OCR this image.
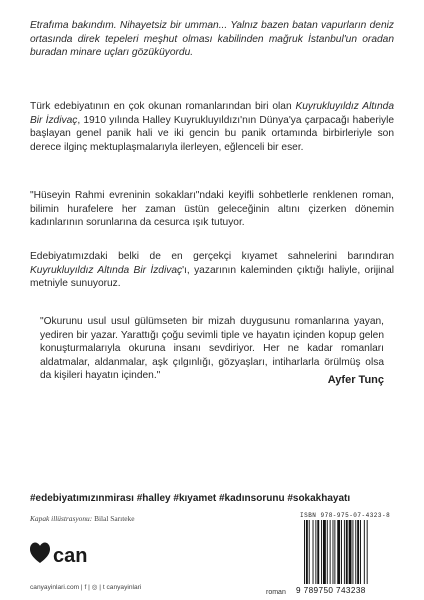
Etrafıma bakındım. Nihayetsiz bir umman... Yalnız bazen batan vapurların deniz ortasında direk tepeleri meşhut olması kabilinden mağruk İstanbul'un oradan buradan minare uçları gözüküyordu.

Türk edebiyatının en çok okunan romanlarından biri olan Kuyrukluyıldız Altında Bir İzdivaç, 1910 yılında Halley Kuyrukluyıldızı'nın Dünya'ya çarpacağı haberiyle başlayan genel panik hali ve iki gencin bu panik ortamında birbirleriyle son derece ilginç mektuplaşmalarıyla ilerleyen, eğlenceli bir eser.

"Hüseyin Rahmi evreninin sokakları"ndaki keyifli sohbetlerle renklenen roman, bilimin hurafelere her zaman üstün geleceğinin altını çizerken dönemin kadınlarının sorunlarına da cesurca ışık tutuyor.

Edebiyatımızdaki belki de en gerçekçi kıyamet sahnelerini barındıran Kuyrukluyıldız Altında Bir İzdivaç'ı, yazarının kaleminden çıktığı haliyle, orijinal metniyle sunuyoruz.

"Okurunu usul usul gülümseten bir mizah duygusunu romanlarına yayan, yediren bir yazar. Yarattığı çoğu sevimli tiple ve hayatın içinden kopup gelen konuşturmalarıyla okuruna insanı sevdiriyor. Her ne kadar romanları aldatmalar, aldanmalar, aşk çılgınlığı, gözyaşları, intiharlarla örülmüş olsa da kişileri hayatın içinden."	Ayfer Tunç
#edebiyatımızınmirası #halley #kıyamet #kadınsorunu #sokakhayatı
Kapak illüstrasyonu: Bilal Sarıteke
can
canyayinlari.com | f | ◎ | t canyayinlari
ISBN 978-975-07-4323-8
9 789750 743238
roman
